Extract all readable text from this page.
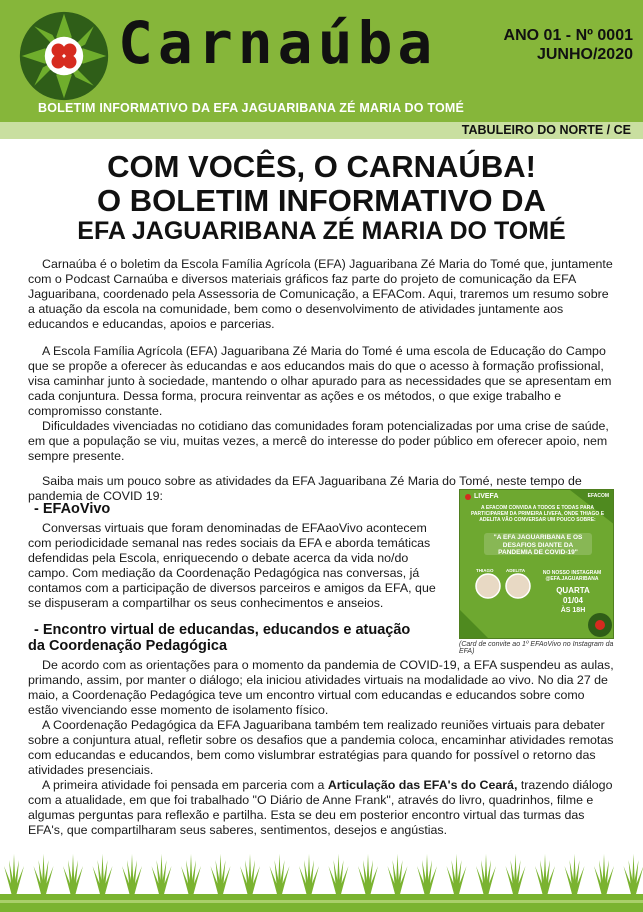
Carnaúba	ANO 01 - Nº 0001
JUNHO/2020
BOLETIM INFORMATIVO DA EFA JAGUARIBANA ZÉ MARIA DO TOMÉ
TABULEIRO DO NORTE / CE
COM VOCÊS, O CARNAÚBA!
O BOLETIM INFORMATIVO DA
EFA JAGUARIBANA ZÉ MARIA DO TOMÉ

Carnaúba é o boletim da Escola Família Agrícola (EFA) Jaguaribana Zé Maria do Tomé que, juntamente com o Podcast Carnaúba e diversos materiais gráficos faz parte do projeto de comunicação da EFA Jaguaribana, coordenado pela Assessoria de Comunicação, a EFACom. Aqui, traremos um resumo sobre a atuação da escola na comunidade, bem como o desenvolvimento de atividades juntamente aos educandos e educandas, apoios e parcerias.

A Escola Família Agrícola (EFA) Jaguaribana Zé Maria do Tomé é uma escola de Educação do Campo que se propõe a oferecer às educandas e aos educandos mais do que o acesso à formação profissional, visa caminhar junto à sociedade, mantendo o olhar apurado para as necessidades que se apresentam em cada conjuntura. Dessa forma, procura reinventar as ações e os métodos, o que exige trabalho e compromisso constante.

Dificuldades vivenciadas no cotidiano das comunidades foram potencializadas por uma crise de saúde, em que a população se viu, muitas vezes, a mercê do interesse do poder público em oferecer apoio, nem sempre presente.

Saiba mais um pouco sobre as atividades da EFA Jaguaribana Zé Maria do Tomé, neste tempo de pandemia de COVID 19:

- EFAoVivo

Conversas virtuais que foram denominadas de EFAaoVivo acontecem com periodicidade semanal nas redes sociais da EFA e aborda temáticas defendidas pela Escola, enriquecendo o debate acerca da vida no/do campo. Com mediação da Coordenação Pedagógica nas conversas, já contamos com a participação de diversos parceiros e amigos da EFA, que se dispuseram a compartilhar os seus conhecimentos e anseios.

LIVEFA	EFACOM
A EFACOM CONVIDA A TODOS E TODAS PARA PARTICIPAREM DA PRIMEIRA LIVEFA, ONDE THIAGO E ADELITA VÃO CONVERSAR UM POUCO SOBRE:
"A EFA JAGUARIBANA E OS DESAFIOS DIANTE DA PANDEMIA DE COVID-19"
THIAGO	ADELITA	NO NOSSO INSTAGRAM @EFA.JAGUARIBANA
QUARTA
01/04
ÀS 18H
(Card de convite ao 1º EFAoVivo no Instagram da EFA)
- Encontro virtual de educandas, educandos e atuação
da Coordenação Pedagógica

De acordo com as orientações para o momento da pandemia de COVID-19, a EFA suspendeu as aulas, primando, assim, por manter o diálogo; ela iniciou atividades virtuais na modalidade ao vivo. No dia 27 de maio, a Coordenação Pedagógica teve um encontro virtual com educandas e educandos sobre como estão vivenciando esse momento de isolamento físico.

A Coordenação Pedagógica da EFA Jaguaribana também tem realizado reuniões virtuais para debater sobre a conjuntura atual, refletir sobre os desafios que a pandemia coloca, encaminhar atividades remotas com educandas e educandos, bem como vislumbrar estratégias para quando for possível o retorno das atividades presenciais.

A primeira atividade foi pensada em parceria com a Articulação das EFA's do Ceará, trazendo diálogo com a atualidade, em que foi trabalhado "O Diário de Anne Frank", através do livro, quadrinhos, filme e algumas perguntas para reflexão e partilha. Esta se deu em posterior encontro virtual das turmas das EFA's, que compartilharam seus saberes, sentimentos, desejos e angústias.
